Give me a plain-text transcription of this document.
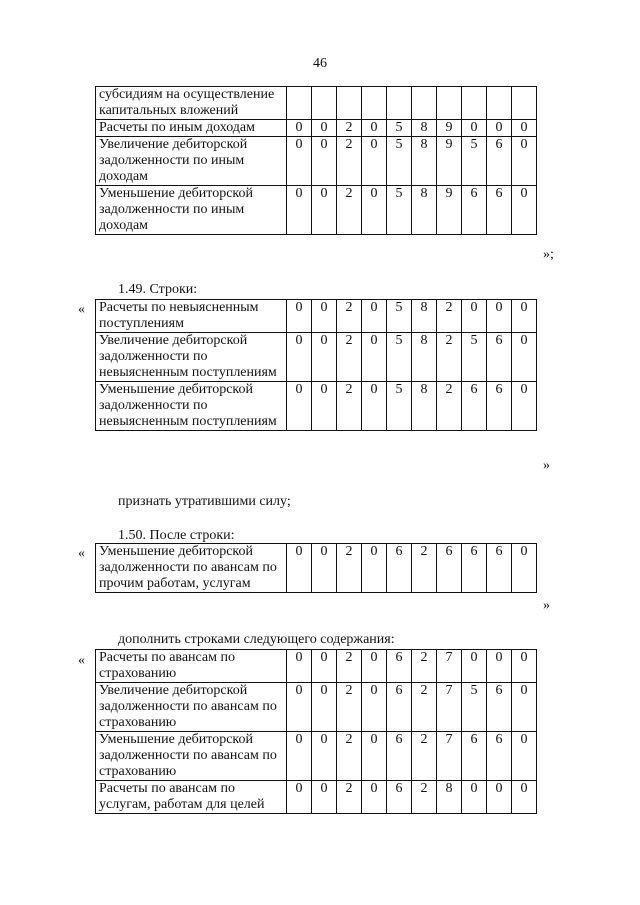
46
субсидиям на осуществление капитальных вложений										
Расчеты по иным доходам	0	0	2	0	5	8	9	0	0	0
Увеличение дебиторской задолженности по иным доходам	0	0	2	0	5	8	9	5	6	0
Уменьшение дебиторской задолженности по иным доходам	0	0	2	0	5	8	9	6	6	0
»;
1.49. Строки:
« Расчеты по невыясненным поступлениям	0	0	2	0	5	8	2	0	0	0
Увеличение дебиторской задолженности по невыясненным поступлениям	0	0	2	0	5	8	2	5	6	0
Уменьшение дебиторской задолженности по невыясненным поступлениям	0	0	2	0	5	8	2	6	6	0
»
признать утратившими силу;
1.50. После строки:
« Уменьшение дебиторской задолженности по авансам по прочим работам, услугам	0	0	2	0	6	2	6	6	6	0
»
дополнить строками следующего содержания:
« Расчеты по авансам по страхованию	0	0	2	0	6	2	7	0	0	0
Увеличение дебиторской задолженности по авансам по страхованию	0	0	2	0	6	2	7	5	6	0
Уменьшение дебиторской задолженности по авансам по страхованию	0	0	2	0	6	2	7	6	6	0
Расчеты по авансам по услугам, работам для целей	0	0	2	0	6	2	8	0	0	0
